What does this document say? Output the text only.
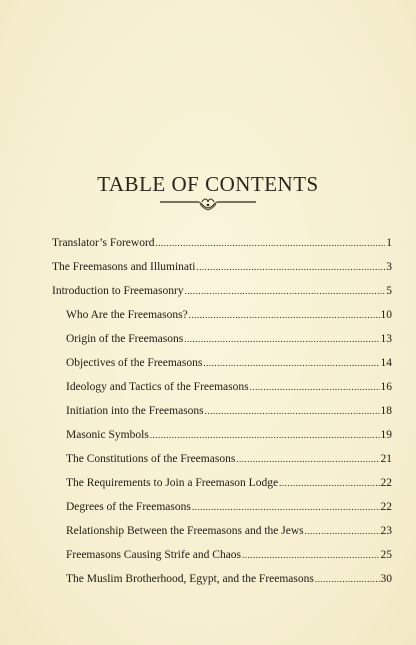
TABLE OF CONTENTS
Translator’s Foreword .....	1
The Freemasons and Illuminati .....	3
Introduction to Freemasonry .....	5
Who Are the Freemasons? .....	10
Origin of the Freemasons .....	13
Objectives of the Freemasons .....	14
Ideology and Tactics of the Freemasons .....	16
Initiation into the Freemasons .....	18
Masonic Symbols .....	19
The Constitutions of the Freemasons .....	21
The Requirements to Join a Freemason Lodge .....	22
Degrees of the Freemasons .....	22
Relationship Between the Freemasons and the Jews .....	23
Freemasons Causing Strife and Chaos .....	25
The Muslim Brotherhood, Egypt, and the Freemasons .....	30
